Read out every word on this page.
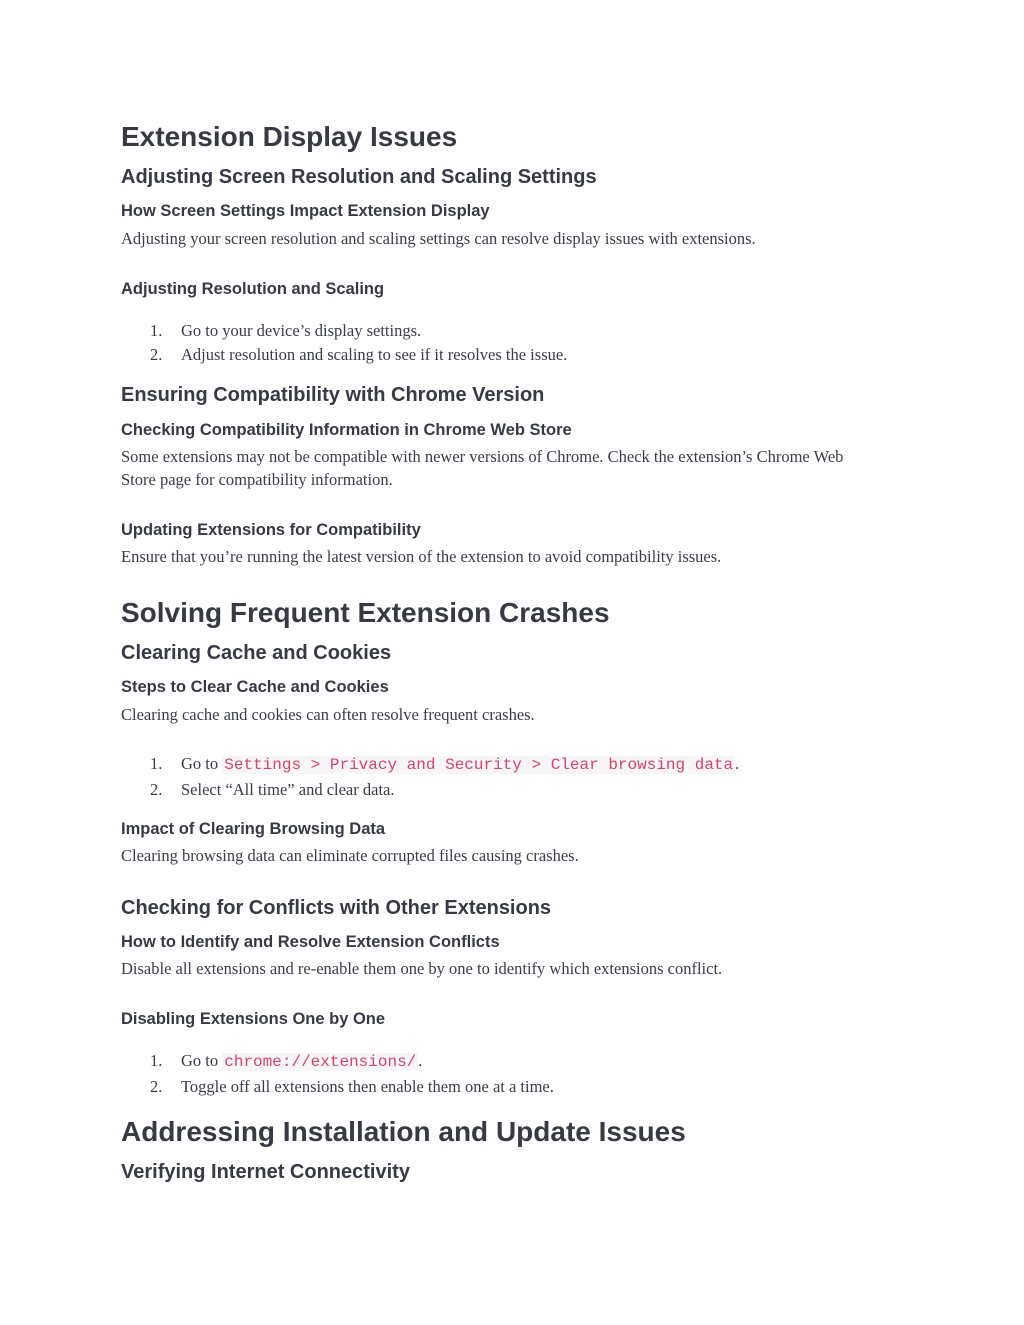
Extension Display Issues
Adjusting Screen Resolution and Scaling Settings
How Screen Settings Impact Extension Display

Adjusting your screen resolution and scaling settings can resolve display issues with extensions.

Adjusting Resolution and Scaling
1. Go to your device’s display settings.
2. Adjust resolution and scaling to see if it resolves the issue.
Ensuring Compatibility with Chrome Version
Checking Compatibility Information in Chrome Web Store

Some extensions may not be compatible with newer versions of Chrome. Check the extension’s Chrome Web Store page for compatibility information.

Updating Extensions for Compatibility

Ensure that you’re running the latest version of the extension to avoid compatibility issues.

Solving Frequent Extension Crashes
Clearing Cache and Cookies
Steps to Clear Cache and Cookies

Clearing cache and cookies can often resolve frequent crashes.

1. Go to Settings > Privacy and Security > Clear browsing data .
2. Select “All time” and clear data.
Impact of Clearing Browsing Data

Clearing browsing data can eliminate corrupted files causing crashes.

Checking for Conflicts with Other Extensions
How to Identify and Resolve Extension Conflicts

Disable all extensions and re-enable them one by one to identify which extensions conflict.

Disabling Extensions One by One
1. Go to chrome://extensions/ .
2. Toggle off all extensions then enable them one at a time.
Addressing Installation and Update Issues
Verifying Internet Connectivity
